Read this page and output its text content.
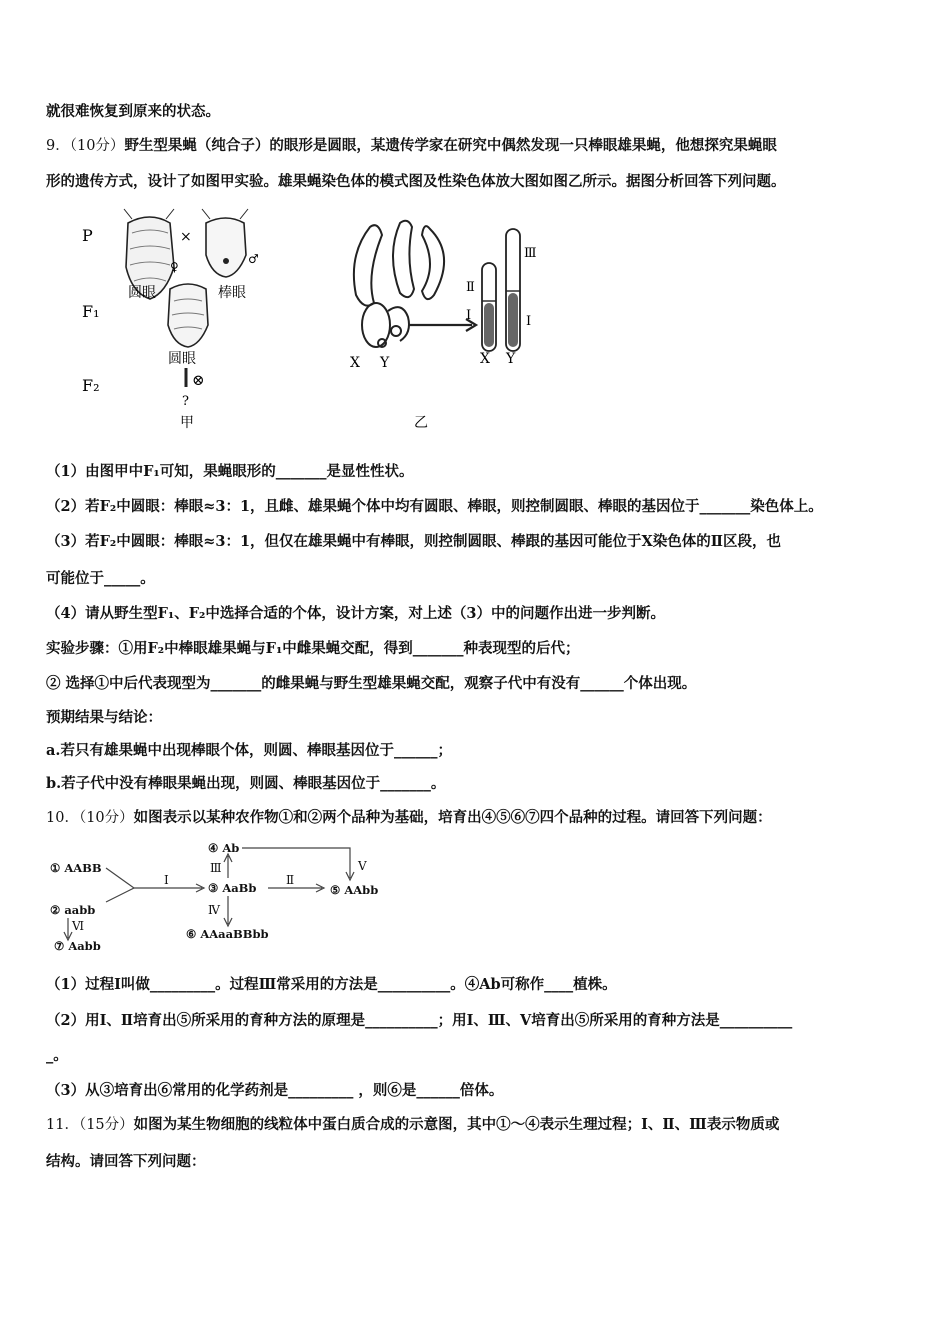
就很难恢复到原来的状态。
9．（10分）野生型果蝇（纯合子）的眼形是圆眼，某遗传学家在研究中偶然发现一只棒眼雄果蝇，他想探究果蝇眼
形的遗传方式，设计了如图甲实验。雄果蝇染色体的模式图及性染色体放大图如图乙所示。据图分析回答下列问题。
P
F₁
F₂
×
♀
♂
圆眼	棒眼
圆眼
⊗
?
甲
X Y
Ⅱ
Ⅰ
Ⅲ
Ⅰ
X Y
乙
（1）由图甲中F₁可知，果蝇眼形的_______是显性性状。
（2）若F₂中圆眼：棒眼≈3：1，且雌、雄果蝇个体中均有圆眼、棒眼，则控制圆眼、棒眼的基因位于_______染色体上。
（3）若F₂中圆眼：棒眼≈3：1，但仅在雄果蝇中有棒眼，则控制圆眼、棒跟的基因可能位于X染色体的Ⅱ区段，也
可能位于_____。
（4）请从野生型F₁、F₂中选择合适的个体，设计方案，对上述（3）中的问题作出进一步判断。
实验步骤：①用F₂中棒眼雄果蝇与F₁中雌果蝇交配，得到_______种表现型的后代；
② 选择①中后代表现型为_______的雌果蝇与野生型雄果蝇交配，观察子代中有没有______个体出现。
预期结果与结论：
a.若只有雄果蝇中出现棒眼个体，则圆、棒眼基因位于______；
b.若子代中没有棒眼果蝇出现，则圆、棒眼基因位于_______。
10．（10分）如图表示以某种农作物①和②两个品种为基础，培育出④⑤⑥⑦四个品种的过程。请回答下列问题：
① AABB
② aabb
⑦ Aabb
③ AaBb
④ Ab
⑤ AAbb
⑥ AAaaBBbb
Ⅰ	Ⅱ
Ⅲ
Ⅳ
Ⅴ
Ⅵ
（1）过程Ⅰ叫做_________。过程Ⅲ常采用的方法是__________。④Ab可称作____植株。
（2）用Ⅰ、Ⅱ培育出⑤所采用的育种方法的原理是__________；用Ⅰ、Ⅲ、Ⅴ培育出⑤所采用的育种方法是__________
_。
（3）从③培育出⑥常用的化学药剂是_________ ，则⑥是______倍体。
11．（15分）如图为某生物细胞的线粒体中蛋白质合成的示意图，其中①～④表示生理过程；Ⅰ、Ⅱ、Ⅲ表示物质或
结构。请回答下列问题：
